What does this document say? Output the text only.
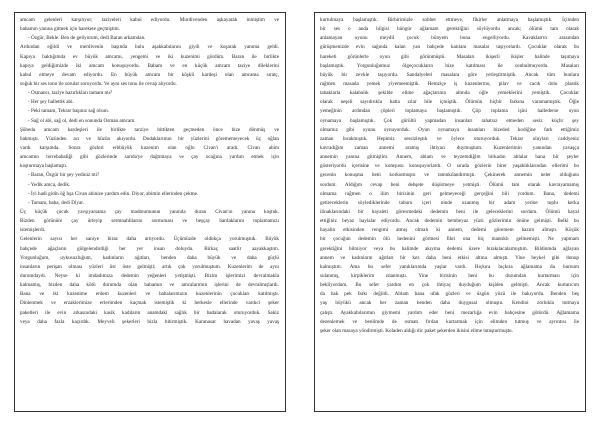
amcam gelenleri karşılıyor; taziyeleri kabul ediyordu. Murdivenden aşkayarak inmiştim ve
babamın yanına gitmek için harekete geçmiştim.
- Özgür, Bekle. Ben de geliyorum, dedi Baran arkamdan.
Ardından eğildi ve merdivenin başında bulu aşakkabılarını giydi ve koşarak yanıma geldi.
Kapıya baktığımda ev büyük amcamı, yengemi ve iki kuzenimi gördüm. Baran ile birlikte
kapıya geldiğimizde iki amcam konuşuyordu. Babam ve en küçük amcam taziye dileklerini
kabul etmeye devam ediyordu. En büyük amcam bir köşkli kardeşi olan amcama sıratç,
soğuk bir ses tonu ile sorular soruyordu. Ve aynı ses tonu ile cevap alıyordu.
- Osmancı, taziye hazırlıkları tamam mı?
- Her şey hallettik abi.
- Peki tamam, Tekrar başınız sağ olsun.
- Sağ ol abi, sağ ol, dedi en sonunda Osman amcam.
Şüheda amcam kardeşleri ile birlikte tarziye bittikten geçmeden önce bize dönmüş ve
bakmıştı. Yüzünden acı ve hüzün akıyordu. Dudaklarımın bir yüzlerini görememeyecek üç oğlan
vardı karşımda. Sonra gözleri erbbüyük kuzenim olan oğlu Civan'ı aradı. Civan ahim
amcamın torrebabaliği gibi gözlerinde sarıda'ye dağtımaya ve çay ocağına yardım etmek için
koşturmaya başlamıştı.
- Baran, Özgür bir şey yediniz mi?
- Yedik amca, dedik.
- İyi hadi gidin öğ lışa Civan abinize yardım edin. Diyor, abimin ellerinden çekme.
- Tamam, baba, dedi Diyar.
Üç küçük çocuk yavşıyarsama çay madmumunun yanında duran Civan'ın yanına koştuk.
Bizden görünüre çay ürteyip sermnahlilarını sormıması ve beşçay bardaklarını toplamamızı
istemişlerdi.
Gelenlerin sayısı her saniye biraz daha artıyordu. Üçümüzde oldukça yorulmuştuk. Büyük
bahçede ağaçların gölgelendirdiği her yer insan doluydu. Birkaç saatlir aayakkaştım.
Yorgunluğum, uykusuzluğum, kadınların ağıtları, benden daha büyük ve daha güçlü
insanların perişan olması yüzleri üst üste gelmişti; artık çok yorulmuştum. Kuzenlerim de aynı
durumdaydı. Neyse ki imdadımıza dedemin yeğenleri yetişmişti. Bizim işlerimizi devralmakla
kalmamış, bizden daha kötü durumda olan babamın ve amcalarımın işlerini de devralmışlardı.
Bana ve iki kuzenime erdem kuzenleri ve babalarımızın kuzenlerinin çocukları katılmıştı.
Dinlenmek ve erzaklerimize erlerimden kaçmak istemiştik ki herkesle ellerinde vardıci şeker
paketleri ile evin arkasındaki kasik kadıların anamdaki sağlık bir badalarak oturuyorduk. Sakiz
veya daha fazla kaçırdık. Meyveli şekerleri bizla bitirmiştik. Karanasar havadan yavaş yavaş
kurtulmaya başlamıştık. Birbirimizle sohbet ettmeye, fikirler anlatmaya başlamıştık. İçimden
bir ses o anda bilgisi hüngür ağlamam gerektiğini söylüyordu ancak; ölümü tam olarak
anlamayan oyunu meydil çocuk bünyem buna engelliyordu. Kavaklarrın arasından
gürüşmenizde evin sağında kalan yan bahçede katılanı masalar taşıyorlardı. Çocuklar olarak bu
hareketi görünlerle oyun gibi görünmüştü. Masaları ikişerli ikişler halinde taşımaya
başlamıştık. Yorgunluğumuz ölgeçocukların bize katılması ile sonbulmuyordu. Masaları
büyük bir zevkle taşıyordu. Sandalyeleri masalara göre yerleştirmiştik. Ancak tüm bunlara
rağmen masada yemek yiyemeemiştik. Hemziçe iş kuzenlermu, pilav ve cacık dolu plastik
tabaklarla kalabalık şekilde elime ağaçlarının altında oğle yemeklerini yemiştik. Çocuklar
olarak neşeli sayıdırıkla hatta zılar bile içmiştik. Ölümün hiçbir farkına varamamıştık. Öğle
yemeğinin ardından çöpleri toplamaya başlamıştık. Çöp toplama işini hallederse oyun
oynamaya başlamıştık. Çok gürültü yapmadan insanları rahatsız etmeden sesiz küçhr şey
olmamız gibi oyunu oynuyorduk. Oyun oynamaya insanları bizeded kodiğine fark ettiğimiz
zaman bırakmıştık. Hepimiz sessizleştık ve öylece oturuyorduk. Tekrar oluyları caddyeniz
kavradığım zaman annemi aramış ihtiyacı duymuştum. Kuzenlerimin yanından yavaşça
annemin yanına gitmiştim. Annem, ablam ve teyzemdiğim birkadın ablalar bana bir şeyler
gösteriyordu içerisine ve komşusu konuşuyorlardı. O sırada gözlerin birer yaşaklıklarından ellerimi bu
gecenin konuşma beni korkutmuştu ve ramnkılandırmıştı. Çekinerek annemin neler olduğunu
sordum. Aldığım cevap beni dehşete düşürmeye yetmişti. Ölümü tam olarak kavrayamamış
olmama rağmen o ilim birisinin geri gelmeyeceği gerçeğini bili yordum. Bana, dedemi
getireceklerin söylediklerinde taburu içeri ninde uzanmış bir adam yerine toplu kerka
ilinaklarındaki bir hayaleti göresmedeki dedemin beni ile geleceklerini sordum. Ölümü hayal
ettiğiniz beyaz haylalar ediyordu. Ancak dedemin bembeyaz yüzü gözlerimin önüne gelmişti. Belki bu
hayalin etkisinden rengimi atmış olmalı ki annem, dedemi göremem hazım almıştı. Küçük
bir çocuğun dedemin ölü bedenini görmesi fikri ona hiç mantıklı gelmemişti. Ne yapmam
gerektiğini bilmiyor veya bu halimde akıyma dedemi üzere bırakılacalarmıştım. Bildinmda ağlayan
annem ve kadınların ağıtları bir kez daha beni etkisi altına almıştı. Yine heykel gibi donup
kalmıştım. Ama bu sefer yanıklarımda yaşlar vardı. Hıçkıra hıçkıra ağlamama da burnum
sulanmış, kirpiklerim ıslanmıştı. Yine birisinin beni bu durumdan kurtarması için
bekliyordum. Bu sefer yardım en çok ihtiyaç duyduğum kişiden gelmişti. Ancak kurtarıcım
da bak pek farkı değildi. Ablam bana ufak gözleri ve üzgün yüzü ile bakıyordu. Benden beş
yaş büyükü ancak her zaman benden daha duygusal olmuştu. Kendini zorlukla tutmaya
çalıştı. Ayakkabılarımın giymemi yardım eder beni mezarlığa evin bahçesine götürdü. Ağlamama
dezenlemek ve benlimde de osmatı fırdan kurtarmak için elimden tutmuş ve ayrıntısı ile
şeker olan masaya yöndirmişti. Koladen aldığı dic paket şekerden ikisini elime tutuşturmuştu.
